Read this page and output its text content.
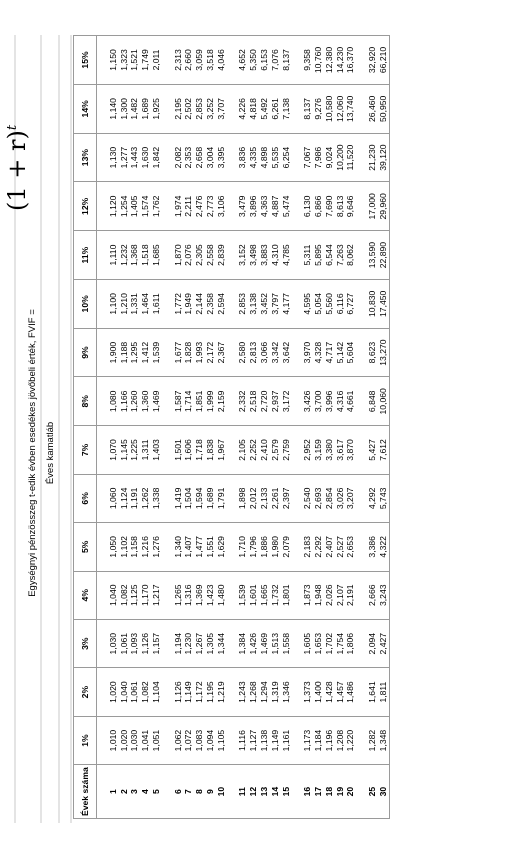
Egységnyi pénzösszeg t-edik évben esedékes jövőbeli érték, FVIF =
$(1 + r)^t$
Éves kamatláb
Évek száma	1%	2%	3%	4%	5%	6%	7%	8%	9%	10%	11%	12%	13%	14%	15%

1	1,010	1,020	1,030	1,040	1,050	1,060	1,070	1,080	1,900	1,100	1,110	1,120	1,130	1,140	1,150
2	1,020	1,040	1,061	1,082	1,102	1,124	1,145	1,166	1,188	1,210	1,232	1,254	1,277	1,300	1,323
3	1,030	1,061	1,093	1,125	1,158	1,191	1,225	1,260	1,295	1,331	1,368	1,405	1,443	1,482	1,521
4	1,041	1,082	1,126	1,170	1,216	1,262	1,311	1,360	1,412	1,464	1,518	1,574	1,630	1,689	1,749
5	1,051	1,104	1,157	1,217	1,276	1,338	1,403	1,469	1,539	1,611	1,685	1,762	1,842	1,925	2,011

6	1,062	1,126	1,194	1,265	1,340	1,419	1,501	1,587	1,677	1,772	1,870	1,974	2,082	2,195	2,313
7	1,072	1,149	1,230	1,316	1,407	1,504	1,606	1,714	1,828	1,949	2,076	2,211	2,353	2,502	2,660
8	1,083	1,172	1,267	1,369	1,477	1,594	1,718	1,851	1,993	2,144	2,305	2,476	2,658	2,853	3,059
9	1,094	1,195	1,305	1,423	1,551	1,689	1,838	1,999	2,172	2,358	2,558	2,773	3,004	3,252	3,518
10	1,105	1,219	1,344	1,480	1,629	1,791	1,967	2,159	2,367	2,594	2,839	3,106	3,395	3,707	4,046

11	1,116	1,243	1,384	1,539	1,710	1,898	2,105	2,332	2,580	2,853	3,152	3,479	3,836	4,226	4,652
12	1,127	1,268	1,426	1,601	1,796	2,012	2,252	2,518	2,813	3,138	3,498	3,896	4,335	4,818	5,350
13	1,138	1,294	1,469	1,665	1,886	2,133	2,410	2,720	3,066	3,452	3,883	4,363	4,898	5,492	6,153
14	1,149	1,319	1,513	1,732	1,980	2,261	2,579	2,937	3,342	3,797	4,310	4,887	5,535	6,261	7,076
15	1,161	1,346	1,558	1,801	2,079	2,397	2,759	3,172	3,642	4,177	4,785	5,474	6,254	7,138	8,137

16	1,173	1,373	1,605	1,873	2,183	2,540	2,952	3,426	3,970	4,595	5,311	6,130	7,067	8,137	9,358
17	1,184	1,400	1,653	1,948	2,292	2,693	3,159	3,700	4,328	5,054	5,895	6,866	7,986	9,276	10,760
18	1,196	1,428	1,702	2,026	2,407	2,854	3,380	3,996	4,717	5,560	6,544	7,690	9,024	10,580	12,380
19	1,208	1,457	1,754	2,107	2,527	3,026	3,617	4,316	5,142	6,116	7,263	8,613	10,200	12,060	14,230
20	1,220	1,486	1,806	2,191	2,653	3,207	3,870	4,661	5,604	6,727	8,062	9,646	11,520	13,740	16,370

25	1,282	1,641	2,094	2,666	3,386	4,292	5,427	6,848	8,623	10,830	13,590	17,000	21,230	26,460	32,920
30	1,348	1,811	2,427	3,243	4,322	5,743	7,612	10,060	13,270	17,450	22,890	29,960	39,120	50,950	66,210
